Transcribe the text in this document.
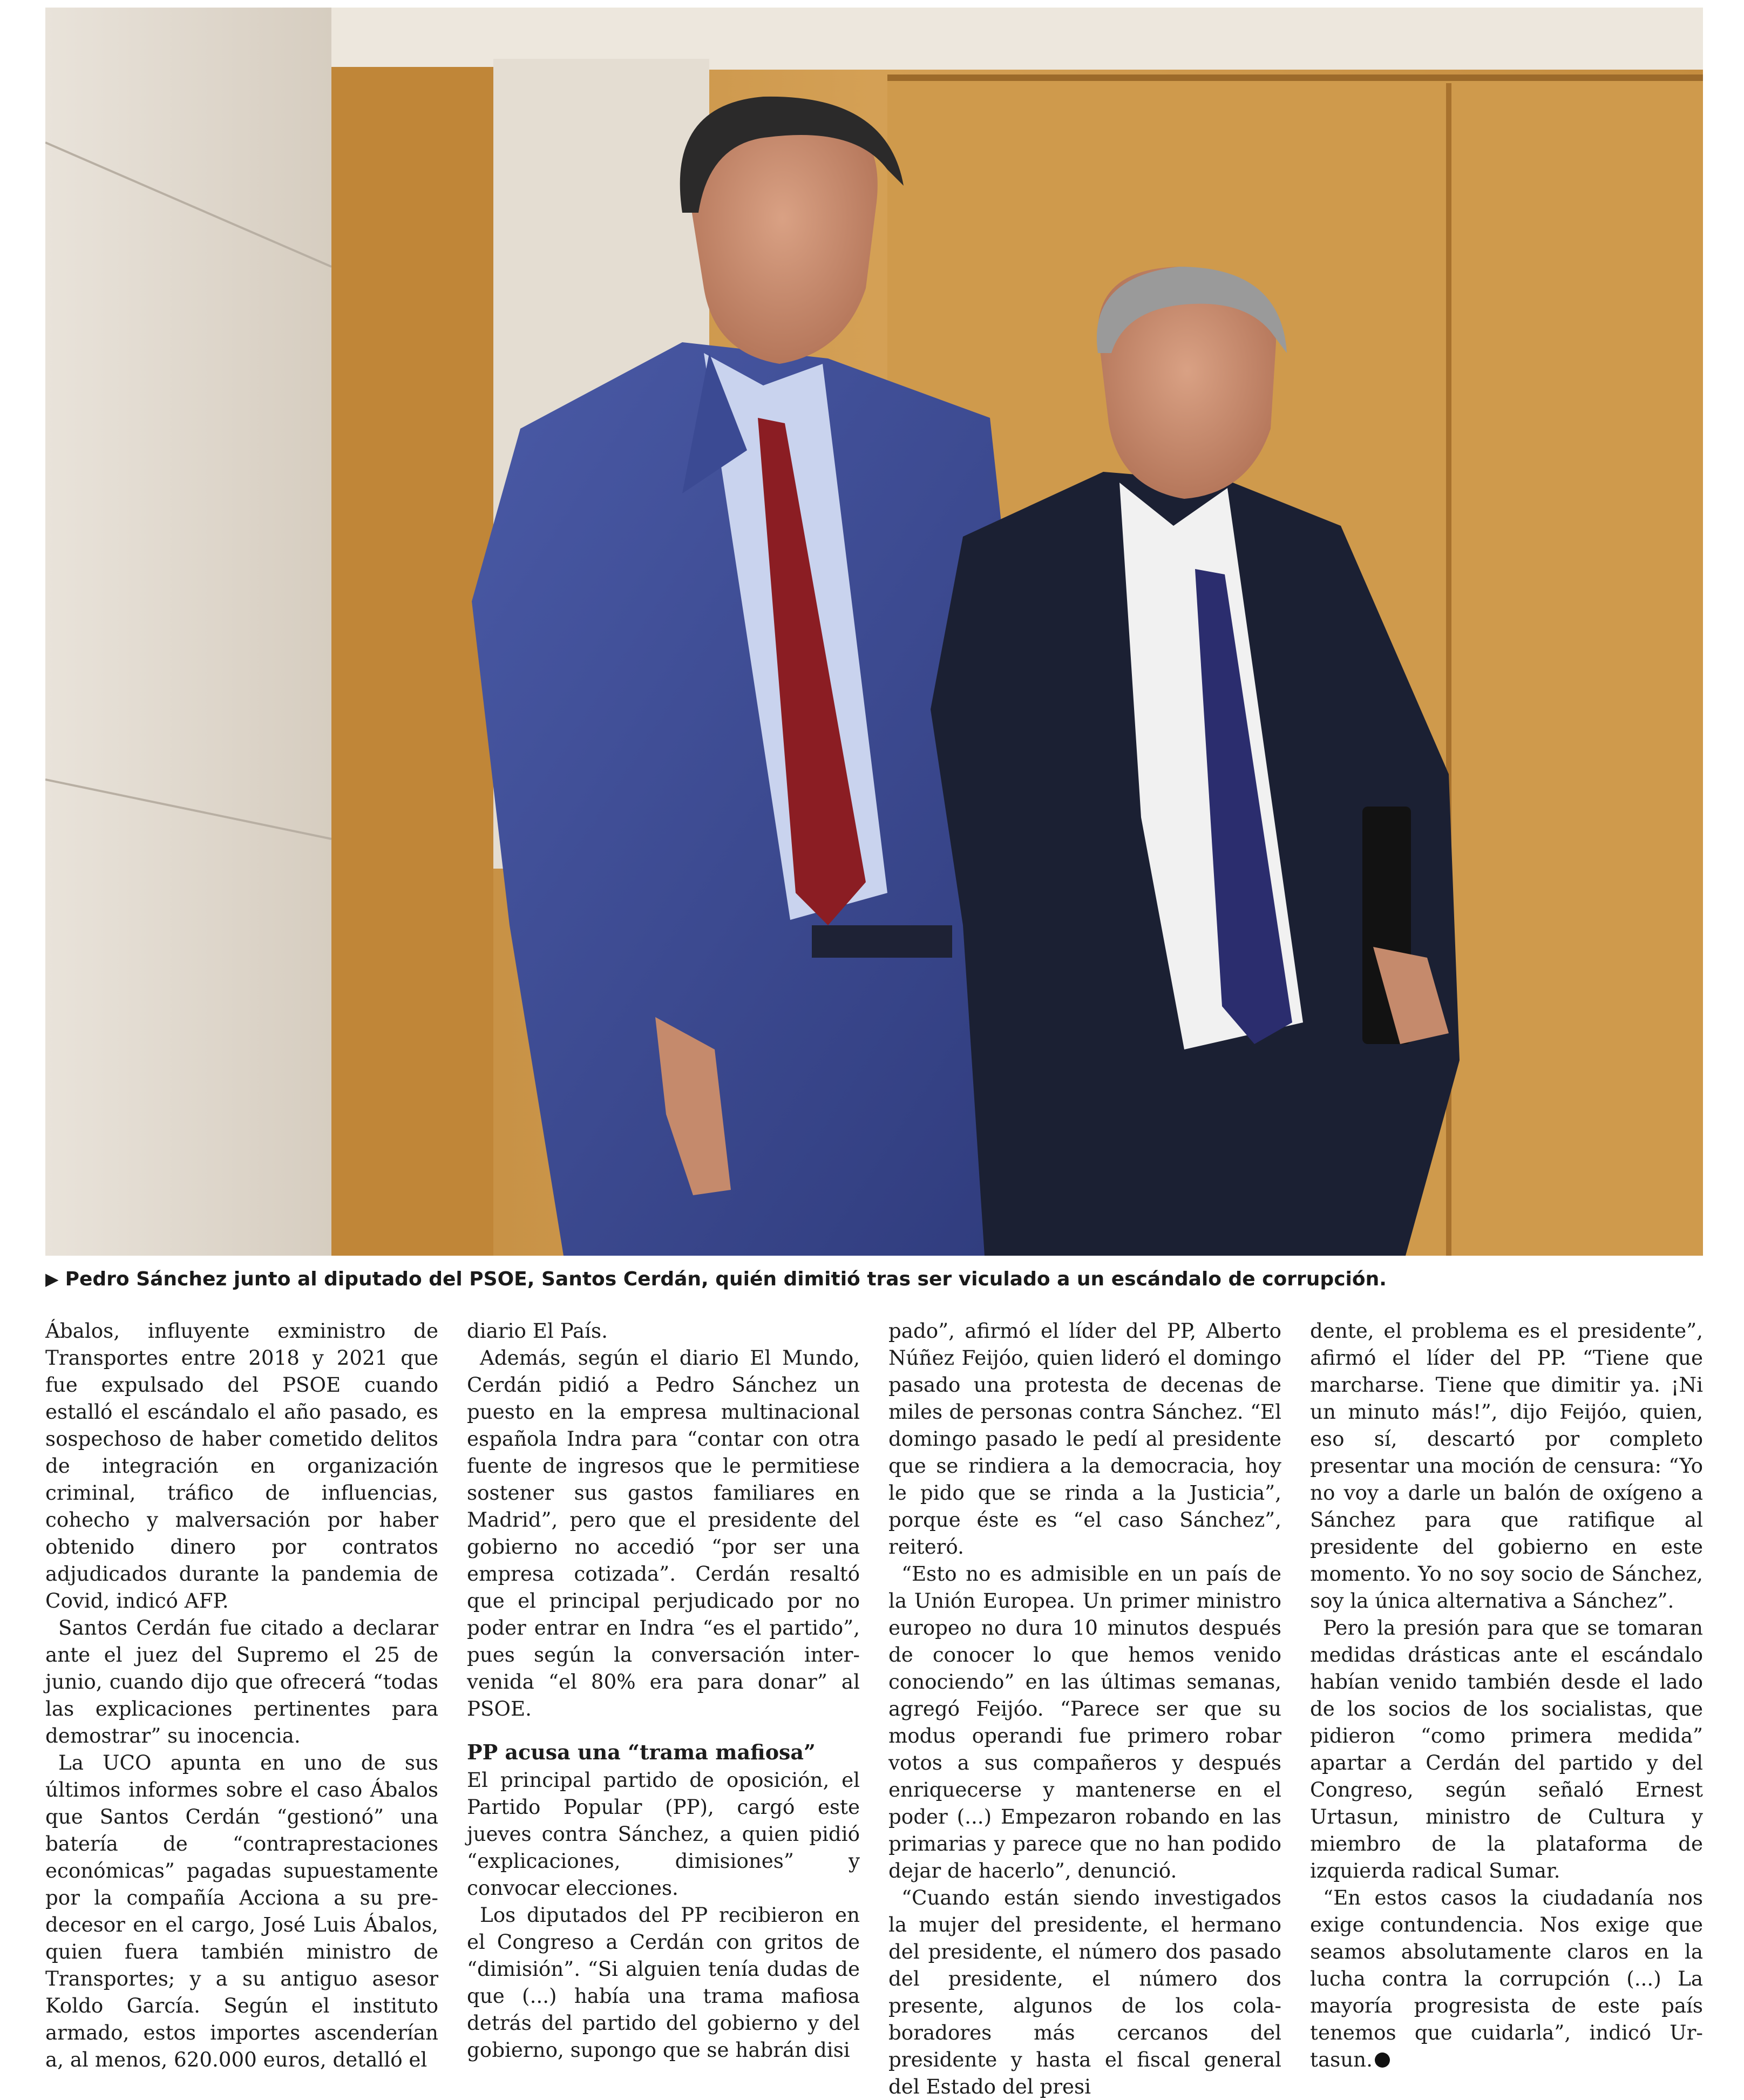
▶ Pedro Sánchez junto al diputado del PSOE, Santos Cerdán, quién dimitió tras ser viculado a un escándalo de corrupción.

Ábalos, influyente exministro de Transportes entre 2018 y 2021 que fue expulsado del PSOE cuando estalló el escándalo el año pasado, es sospechoso de haber cometido delitos de integración en organización criminal, tráfico de influencias, cohecho y malversación por haber obtenido dinero por contratos adjudicados durante la pandemia de Covid, indicó AFP.

Santos Cerdán fue citado a declarar ante el juez del Supremo el 25 de junio, cuando dijo que ofrecerá “todas las explicaciones pertinentes para demostrar” su inocencia.

La UCO apunta en uno de sus últimos informes sobre el caso Ábalos que Santos Cerdán “gestionó” una batería de “contraprestaciones económicas” pagadas supuestamente por la compañía Acciona a su predecesor en el cargo, José Luis Ábalos, quien fuera también ministro de Transportes; y a su antiguo asesor Koldo García. Según el instituto armado, estos importes ascenderían a, al menos, 620.000 euros, detalló el

diario El País.

Además, según el diario El Mundo, Cerdán pidió a Pedro Sánchez un puesto en la empresa multinacional española Indra para “contar con otra fuente de ingresos que le permitiese sostener sus gastos familiares en Madrid”, pero que el presidente del gobierno no accedió “por ser una empresa cotizada”. Cerdán resaltó que el principal perjudicado por no poder entrar en Indra “es el partido”, pues según la conversación intervenida “el 80% era para donar” al PSOE.

PP acusa una “trama mafiosa”

El principal partido de oposición, el Partido Popular (PP), cargó este jueves contra Sánchez, a quien pidió “explicaciones, dimisiones” y convocar elecciones.

Los diputados del PP recibieron en el Congreso a Cerdán con gritos de “dimisión”. “Si alguien tenía dudas de que (...) había una trama mafiosa detrás del partido del gobierno y del gobierno, supongo que se habrán disi

pado”, afirmó el líder del PP, Alberto Núñez Feijóo, quien lideró el domingo pasado una protesta de decenas de miles de personas contra Sánchez. “El domingo pasado le pedí al presidente que se rindiera a la democracia, hoy le pido que se rinda a la Justicia”, porque éste es “el caso Sánchez”, reiteró.

“Esto no es admisible en un país de la Unión Europea. Un primer ministro europeo no dura 10 minutos después de conocer lo que hemos venido conociendo” en las últimas semanas, agregó Feijóo. “Parece ser que su modus operandi fue primero robar votos a sus compañeros y después enriquecerse y mantenerse en el poder (...) Empezaron robando en las primarias y parece que no han podido dejar de hacerlo”, denunció.

“Cuando están siendo investigados la mujer del presidente, el hermano del presidente, el número dos pasado del presidente, el número dos presente, algunos de los colaboradores más cercanos del presidente y hasta el fiscal general del Estado del presi

dente, el problema es el presidente”, afirmó el líder del PP. “Tiene que marcharse. Tiene que dimitir ya. ¡Ni un minuto más!”, dijo Feijóo, quien, eso sí, descartó por completo presentar una moción de censura: “Yo no voy a darle un balón de oxígeno a Sánchez para que ratifique al presidente del gobierno en este momento. Yo no soy socio de Sánchez, soy la única alternativa a Sánchez”.

Pero la presión para que se tomaran medidas drásticas ante el escándalo habían venido también desde el lado de los socios de los socialistas, que pidieron “como primera medida” apartar a Cerdán del partido y del Congreso, según señaló Ernest Urtasun, ministro de Cultura y miembro de la plataforma de izquierda radical Sumar.

“En estos casos la ciudadanía nos exige contundencia. Nos exige que seamos absolutamente claros en la lucha contra la corrupción (...) La mayoría progresista de este país tenemos que cuidarla”, indicó Urtasun.
